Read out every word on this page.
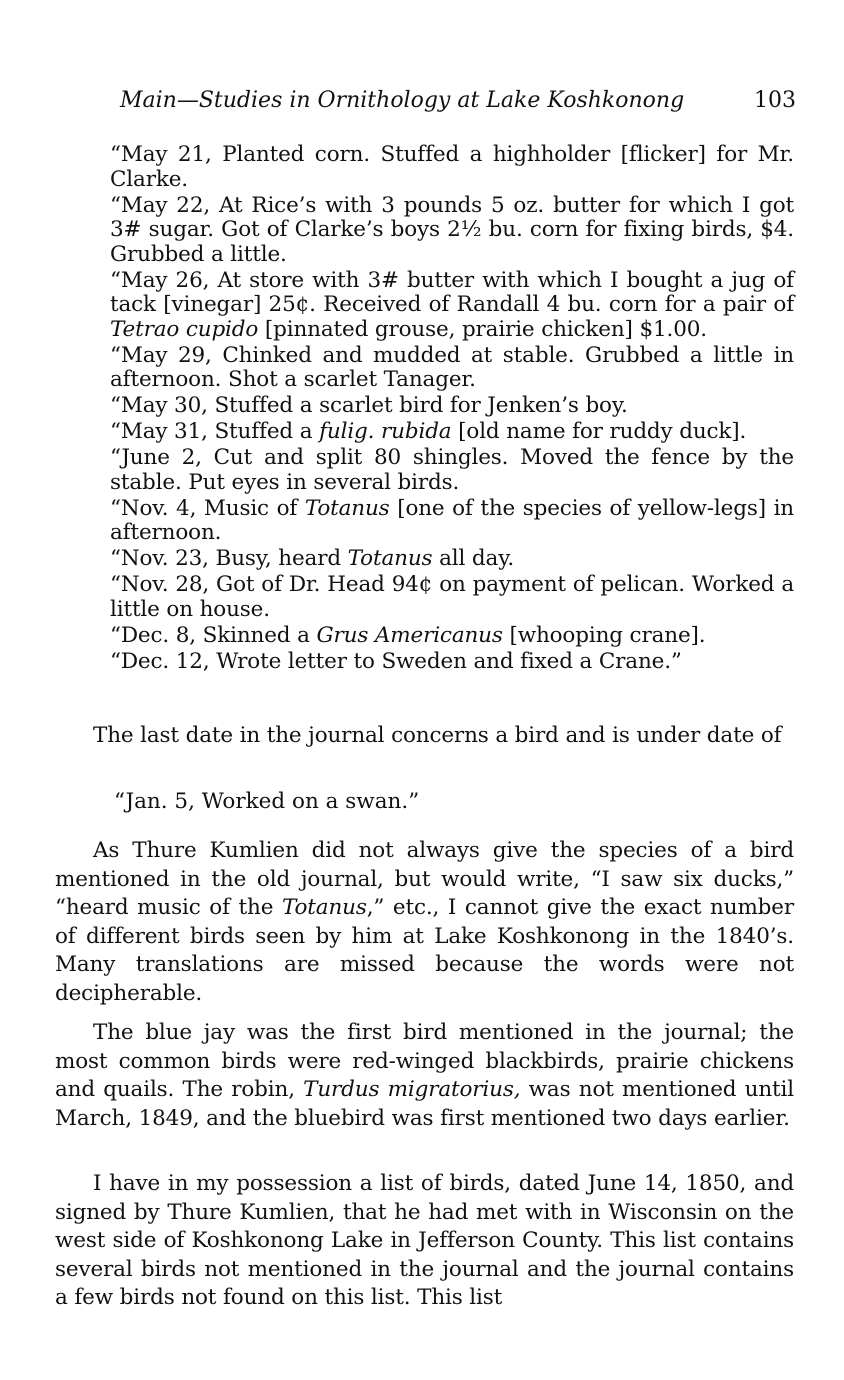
Main—Studies in Ornithology at Lake Koshkonong	103

“May 21, Planted corn. Stuffed a highholder [flicker] for Mr. Clarke.

“May 22, At Rice’s with 3 pounds 5 oz. butter for which I got 3# sugar. Got of Clarke’s boys 2½ bu. corn for fixing birds, $4. Grubbed a little.

“May 26, At store with 3# butter with which I bought a jug of tack [vinegar] 25¢. Received of Randall 4 bu. corn for a pair of Tetrao cupido [pinnated grouse, prairie chicken] $1.00.

“May 29, Chinked and mudded at stable. Grubbed a little in afternoon. Shot a scarlet Tanager.

“May 30, Stuffed a scarlet bird for Jenken’s boy.

“May 31, Stuffed a fulig. rubida [old name for ruddy duck].

“June 2, Cut and split 80 shingles. Moved the fence by the stable. Put eyes in several birds.

“Nov. 4, Music of Totanus [one of the species of yellow-legs] in afternoon.

“Nov. 23, Busy, heard Totanus all day.

“Nov. 28, Got of Dr. Head 94¢ on payment of pelican. Worked a little on house.

“Dec. 8, Skinned a Grus Americanus [whooping crane].

“Dec. 12, Wrote letter to Sweden and fixed a Crane.”

The last date in the journal concerns a bird and is under date of

“Jan. 5, Worked on a swan.”

As Thure Kumlien did not always give the species of a bird mentioned in the old journal, but would write, “I saw six ducks,” “heard music of the Totanus,” etc., I cannot give the exact number of different birds seen by him at Lake Koshkonong in the 1840’s. Many translations are missed because the words were not decipherable.

The blue jay was the first bird mentioned in the journal; the most common birds were red-winged blackbirds, prairie chickens and quails. The robin, Turdus migratorius, was not mentioned until March, 1849, and the bluebird was first mentioned two days earlier.

I have in my possession a list of birds, dated June 14, 1850, and signed by Thure Kumlien, that he had met with in Wisconsin on the west side of Koshkonong Lake in Jefferson County. This list contains several birds not mentioned in the journal and the journal contains a few birds not found on this list. This list
